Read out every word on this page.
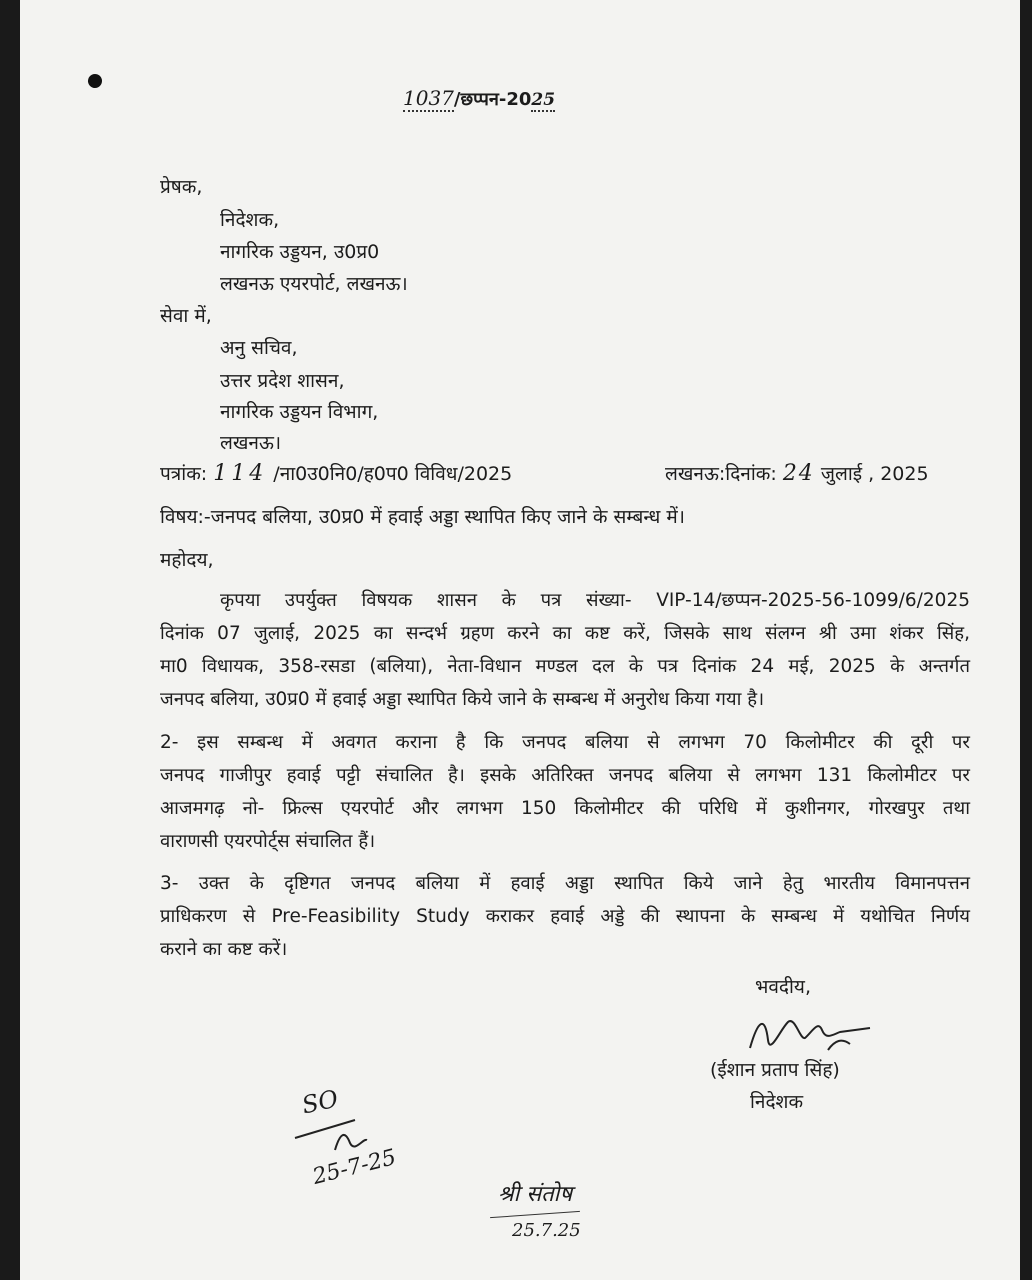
1037/छप्पन-2025
प्रेषक,
निदेशक,
नागरिक उड्डयन, उ0प्र0
लखनऊ एयरपोर्ट, लखनऊ।
सेवा में,
अनु सचिव,
उत्तर प्रदेश शासन,
नागरिक उड्डयन विभाग,
लखनऊ।
पत्रांक: 114 /ना0उ0नि0/ह0प0 विविध/2025	लखनऊ:दिनांक: 24 जुलाई , 2025
विषय:-जनपद बलिया, उ0प्र0 में हवाई अड्डा स्थापित किए जाने के सम्बन्ध में।
महोदय,
कृपया उपर्युक्त विषयक शासन के पत्र संख्या- VIP-14/छप्पन-2025-56-1099/6/2025
दिनांक 07 जुलाई, 2025 का सन्दर्भ ग्रहण करने का कष्ट करें, जिसके साथ संलग्न श्री उमा शंकर सिंह,
मा0 विधायक, 358-रसडा (बलिया), नेता-विधान मण्डल दल के पत्र दिनांक 24 मई, 2025 के अन्तर्गत
जनपद बलिया, उ0प्र0 में हवाई अड्डा स्थापित किये जाने के सम्बन्ध में अनुरोध किया गया है।
2- इस सम्बन्ध में अवगत कराना है कि जनपद बलिया से लगभग 70 किलोमीटर की दूरी पर
जनपद गाजीपुर हवाई पट्टी संचालित है। इसके अतिरिक्त जनपद बलिया से लगभग 131 किलोमीटर पर
आजमगढ़ नो- फ्रिल्स एयरपोर्ट और लगभग 150 किलोमीटर की परिधि में कुशीनगर, गोरखपुर तथा
वाराणसी एयरपोर्ट्स संचालित हैं।
3- उक्त के दृष्टिगत जनपद बलिया में हवाई अड्डा स्थापित किये जाने हेतु भारतीय विमानपत्तन
प्राधिकरण से Pre-Feasibility Study कराकर हवाई अड्डे की स्थापना के सम्बन्ध में यथोचित निर्णय
कराने का कष्ट करें।
भवदीय,
(ईशान प्रताप सिंह)
निदेशक
SO
25-7-25
श्री संतोष
25.7.25
